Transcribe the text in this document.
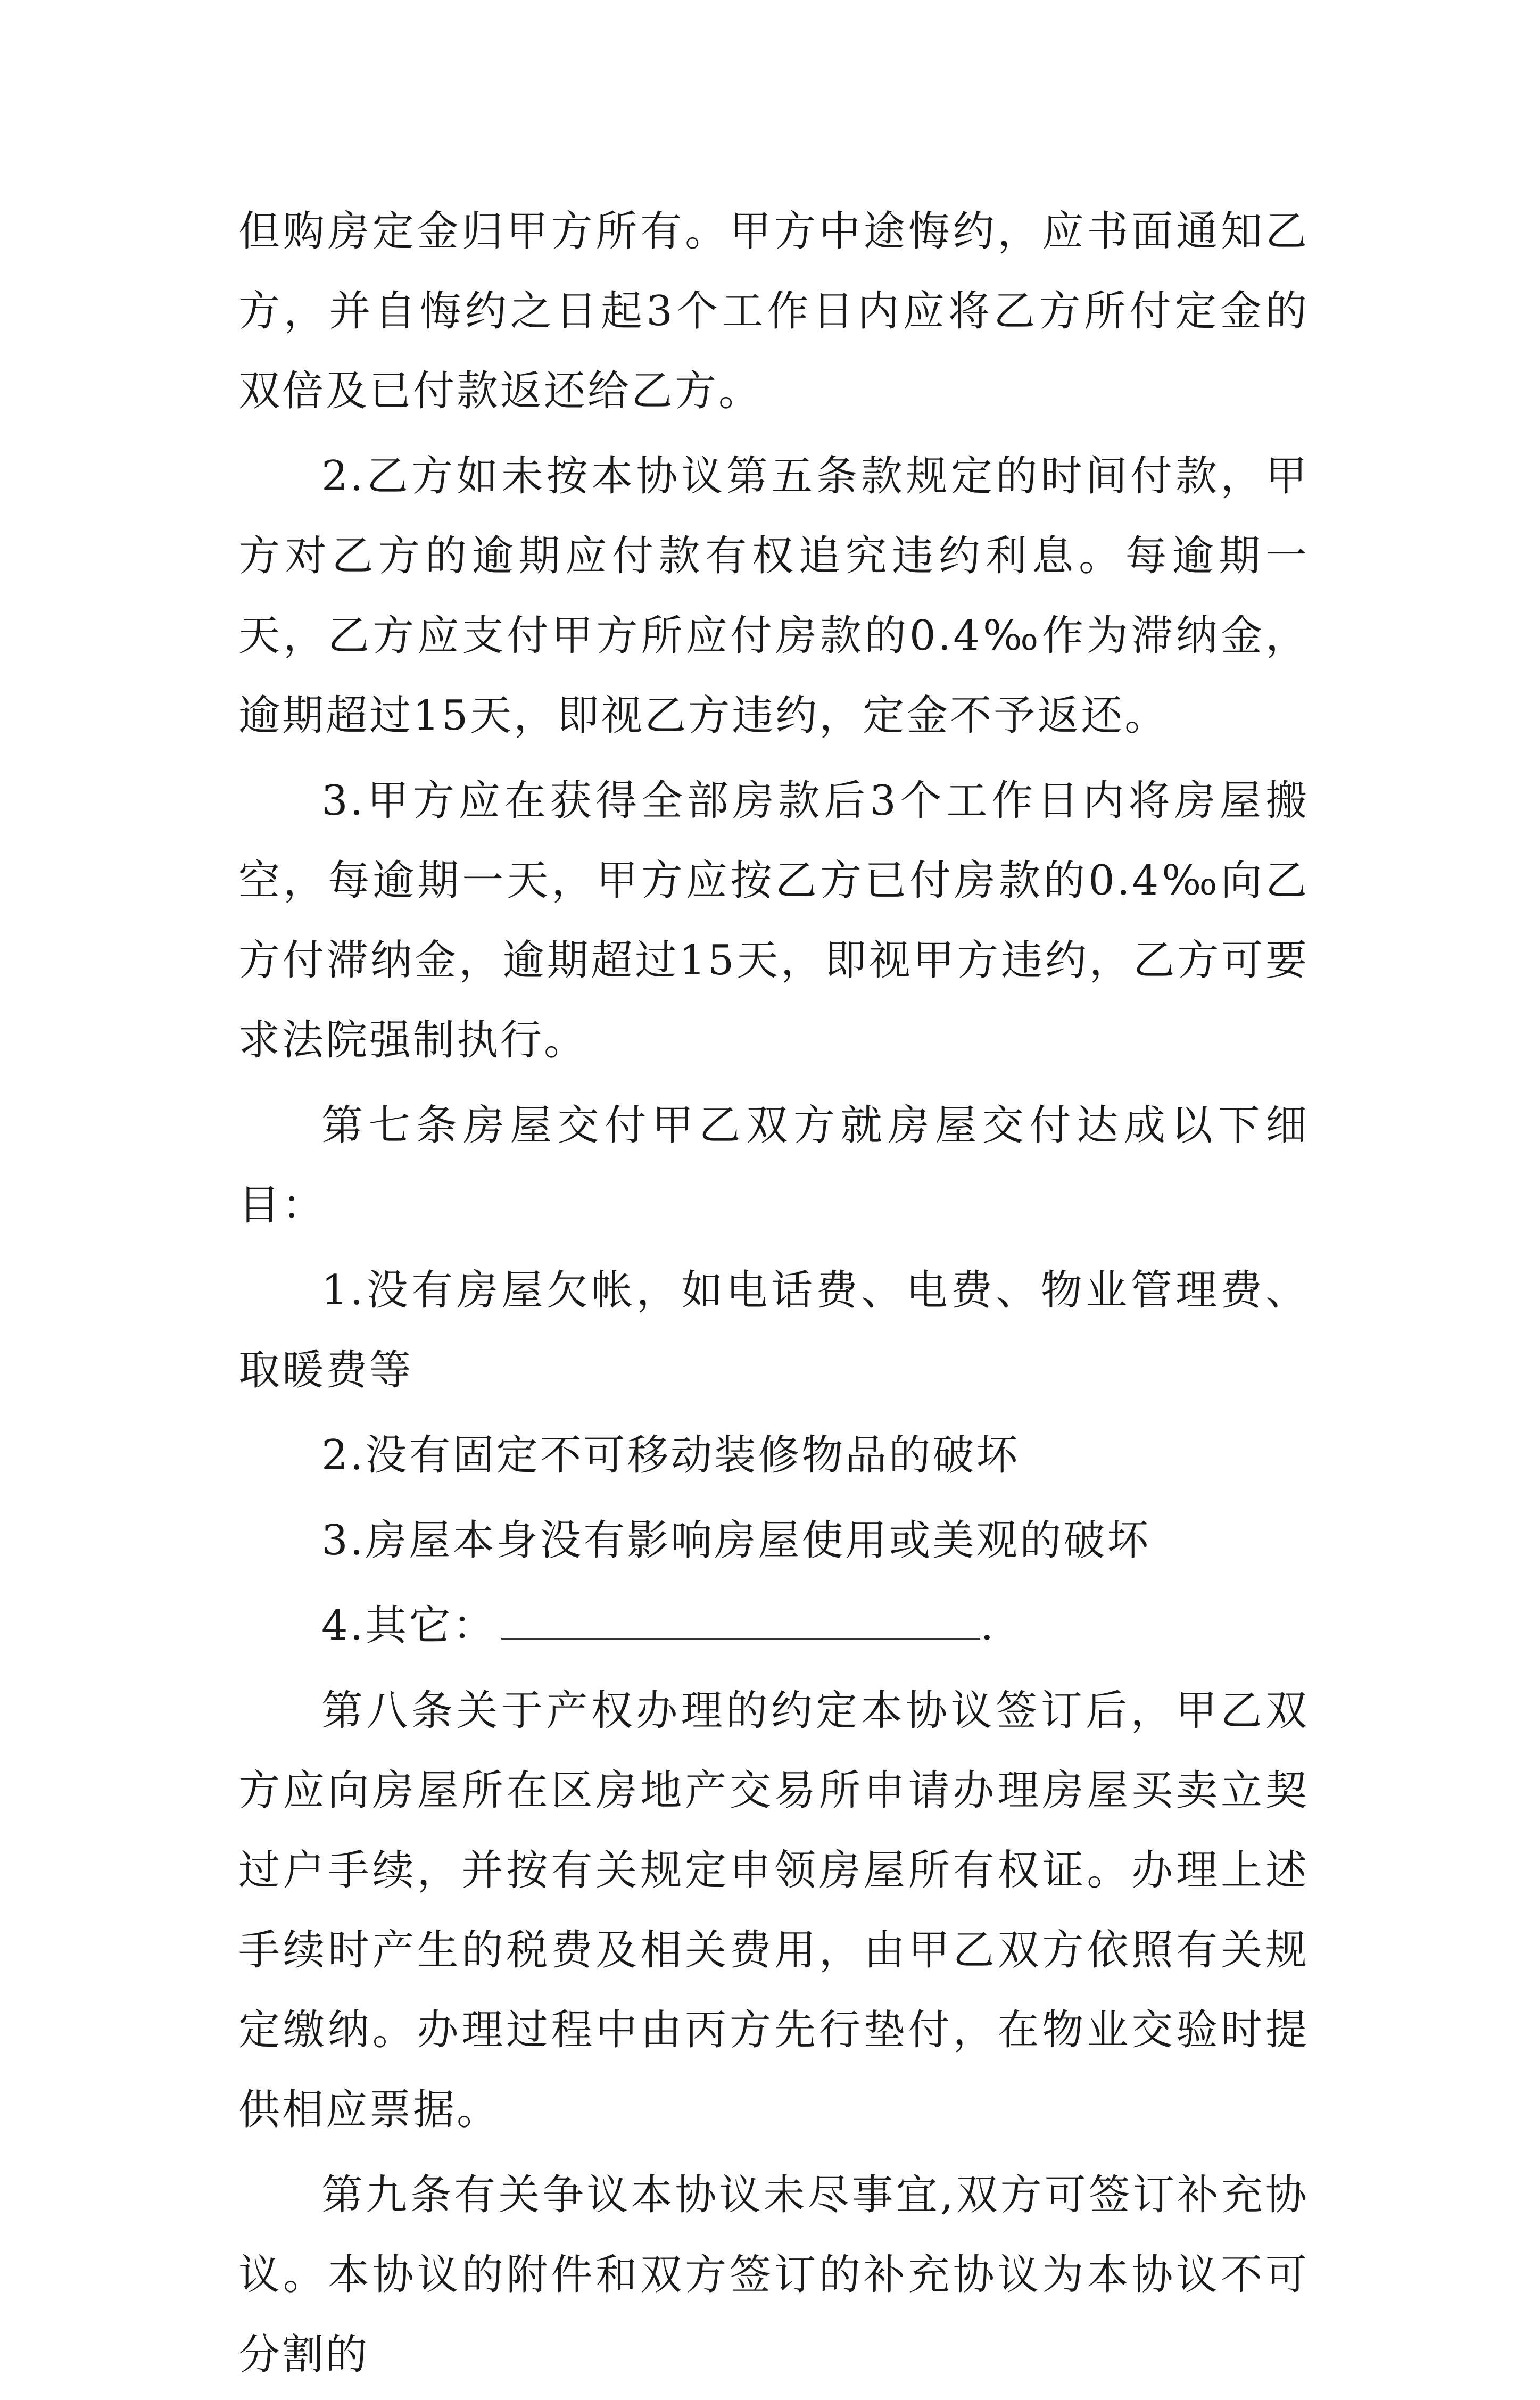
但购房定金归甲方所有。甲方中途悔约，应书面通知乙方，并自悔约之日起3个工作日内应将乙方所付定金的双倍及已付款返还给乙方。

2.乙方如未按本协议第五条款规定的时间付款，甲方对乙方的逾期应付款有权追究违约利息。每逾期一天，乙方应支付甲方所应付房款的0.4‰作为滞纳金，逾期超过15天，即视乙方违约，定金不予返还。

3.甲方应在获得全部房款后3个工作日内将房屋搬空，每逾期一天，甲方应按乙方已付房款的0.4‰向乙方付滞纳金，逾期超过15天，即视甲方违约，乙方可要求法院强制执行。

第七条房屋交付甲乙双方就房屋交付达成以下细目：

1.没有房屋欠帐，如电话费、电费、物业管理费、取暖费等

2.没有固定不可移动装修物品的破坏

3.房屋本身没有影响房屋使用或美观的破坏

4.其它：	.

第八条关于产权办理的约定本协议签订后，甲乙双方应向房屋所在区房地产交易所申请办理房屋买卖立契过户手续，并按有关规定申领房屋所有权证。办理上述手续时产生的税费及相关费用，由甲乙双方依照有关规定缴纳。办理过程中由丙方先行垫付，在物业交验时提供相应票据。

第九条有关争议本协议未尽事宜,双方可签订补充协议。本协议的附件和双方签订的补充协议为本协议不可分割的
